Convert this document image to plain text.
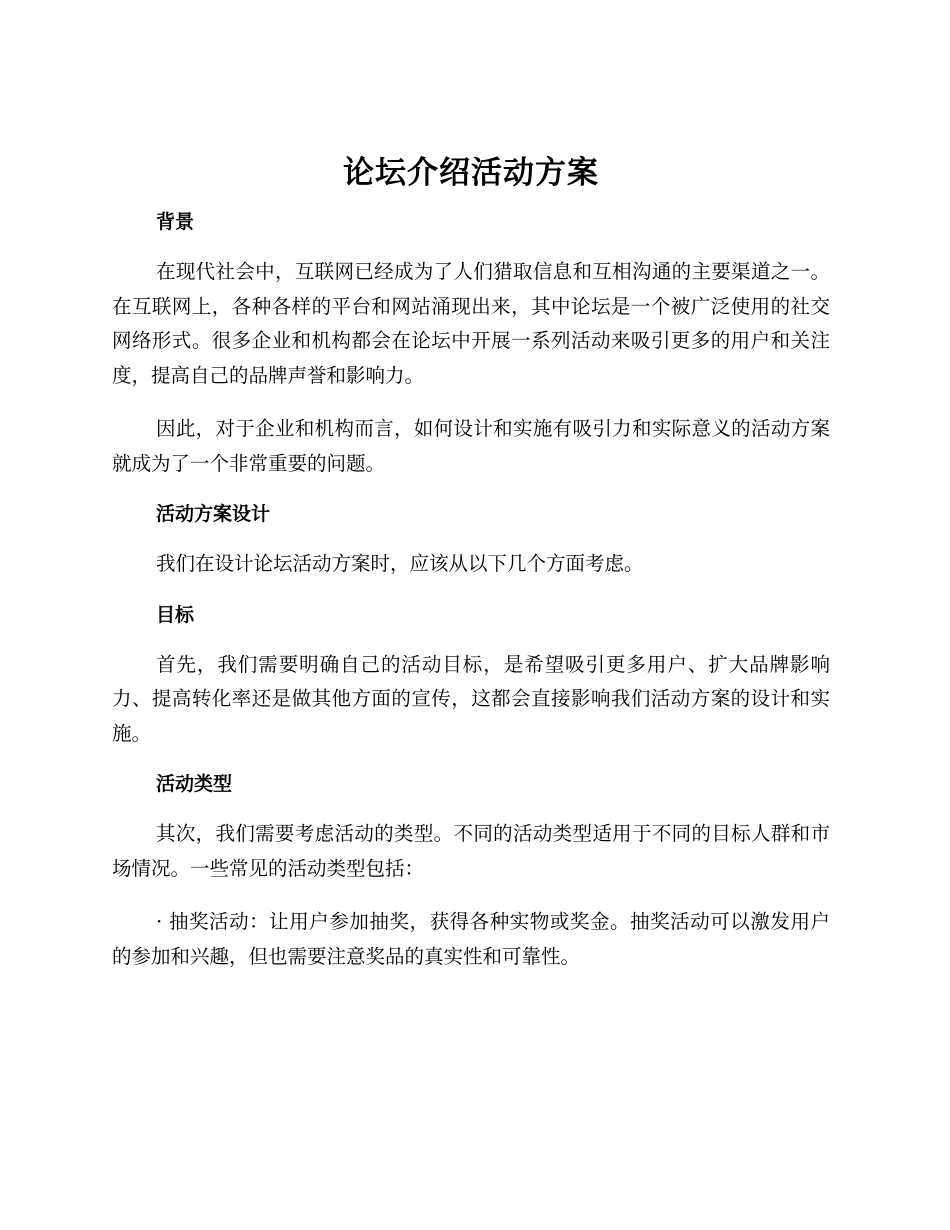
论坛介绍活动方案
背景

在现代社会中，互联网已经成为了人们猎取信息和互相沟通的主要渠道之一。在互联网上，各种各样的平台和网站涌现出来，其中论坛是一个被广泛使用的社交网络形式。很多企业和机构都会在论坛中开展一系列活动来吸引更多的用户和关注度，提高自己的品牌声誉和影响力。

因此，对于企业和机构而言，如何设计和实施有吸引力和实际意义的活动方案就成为了一个非常重要的问题。

活动方案设计

我们在设计论坛活动方案时，应该从以下几个方面考虑。

目标

首先，我们需要明确自己的活动目标，是希望吸引更多用户、扩大品牌影响力、提高转化率还是做其他方面的宣传，这都会直接影响我们活动方案的设计和实施。

活动类型

其次，我们需要考虑活动的类型。不同的活动类型适用于不同的目标人群和市场情况。一些常见的活动类型包括：

· 抽奖活动：让用户参加抽奖，获得各种实物或奖金。抽奖活动可以激发用户的参加和兴趣，但也需要注意奖品的真实性和可靠性。
